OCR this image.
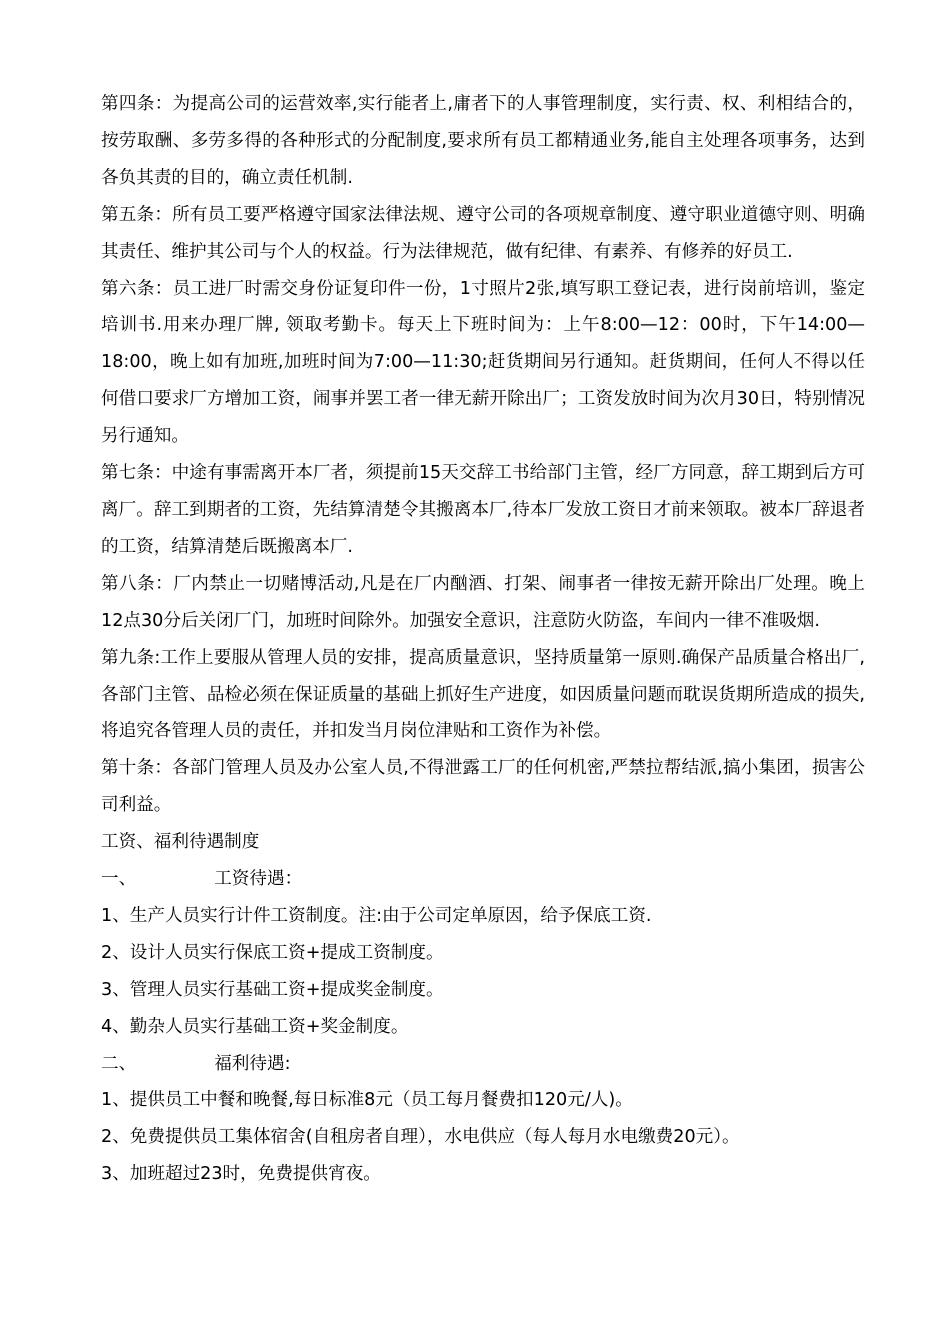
第四条：为提高公司的运营效率,实行能者上,庸者下的人事管理制度，实行责、权、利相结合的，按劳取酬、多劳多得的各种形式的分配制度,要求所有员工都精通业务,能自主处理各项事务，达到各负其责的目的，确立责任机制.

第五条：所有员工要严格遵守国家法律法规、遵守公司的各项规章制度、遵守职业道德守则、明确其责任、维护其公司与个人的权益。行为法律规范，做有纪律、有素养、有修养的好员工.

第六条：员工进厂时需交身份证复印件一份，1寸照片2张,填写职工登记表，进行岗前培训，鉴定培训书.用来办理厂牌, 领取考勤卡。每天上下班时间为：上午8:00—12：00时，下午14:00—18:00，晚上如有加班,加班时间为7:00—11:30;赶货期间另行通知。赶货期间，任何人不得以任何借口要求厂方增加工资，闹事并罢工者一律无薪开除出厂；工资发放时间为次月30日，特别情况另行通知。

第七条：中途有事需离开本厂者，须提前15天交辞工书给部门主管，经厂方同意，辞工期到后方可离厂。辞工到期者的工资，先结算清楚令其搬离本厂,待本厂发放工资日才前来领取。被本厂辞退者的工资，结算清楚后既搬离本厂.

第八条：厂内禁止一切赌博活动,凡是在厂内酗酒、打架、闹事者一律按无薪开除出厂处理。晚上12点30分后关闭厂门，加班时间除外。加强安全意识，注意防火防盗，车间内一律不准吸烟.

第九条:工作上要服从管理人员的安排，提高质量意识，坚持质量第一原则.确保产品质量合格出厂,各部门主管、品检必须在保证质量的基础上抓好生产进度，如因质量问题而耽误货期所造成的损失,将追究各管理人员的责任，并扣发当月岗位津贴和工资作为补偿。

第十条：各部门管理人员及办公室人员,不得泄露工厂的任何机密,严禁拉帮结派,搞小集团，损害公司利益。

工资、福利待遇制度

一、	工资待遇：

1、生产人员实行计件工资制度。注:由于公司定单原因，给予保底工资.

2、设计人员实行保底工资+提成工资制度。

3、管理人员实行基础工资+提成奖金制度。

4、勤杂人员实行基础工资+奖金制度。

二、	福利待遇:

1、提供员工中餐和晚餐,每日标准8元（员工每月餐费扣120元/人)。

2、免费提供员工集体宿舍(自租房者自理），水电供应（每人每月水电缴费20元）。

3、加班超过23时，免费提供宵夜。
